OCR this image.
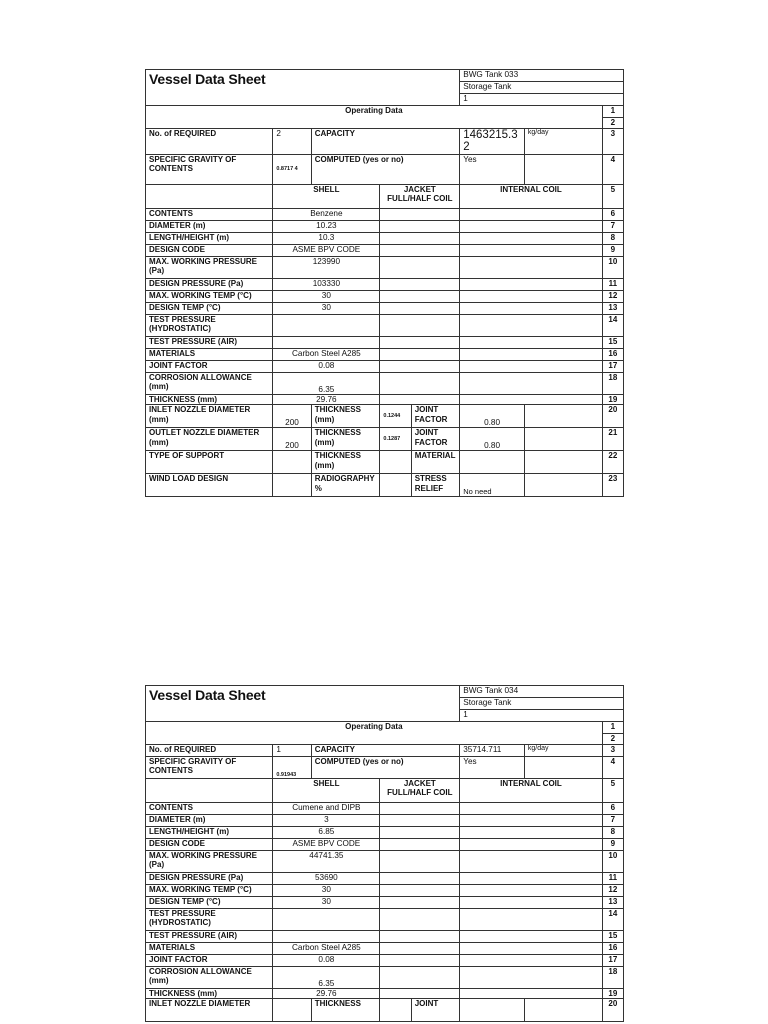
Vessel Data Sheet					BWG Tank 033		
					Storage Tank		
					1		
Operating Data							1
							2
No. of REQUIRED	2	CAPACITY			1463215.3 2	kg/day	3
SPECIFIC GRAVITY OF CONTENTS	0.8717 4	COMPUTED (yes or no)			Yes		4
	SHELL		JACKET FULL/HALF COIL		INTERNAL COIL		5
CONTENTS	Benzene						6
DIAMETER (m)	10.23						7
LENGTH/HEIGHT (m)	10.3						8
DESIGN CODE	ASME BPV CODE						9
MAX. WORKING PRESSURE (Pa)	123990						10
DESIGN PRESSURE (Pa)	103330						11
MAX. WORKING TEMP (°C)	30						12
DESIGN TEMP (°C)	30						13
TEST PRESSURE (HYDROSTATIC)							14
TEST PRESSURE (AIR)							15
MATERIALS	Carbon Steel A285						16
JOINT FACTOR	0.08						17
CORROSION ALLOWANCE (mm)	6.35						18
THICKNESS (mm)	29.76						19
INLET NOZZLE DIAMETER (mm)	200	THICKNESS (mm)	0.1244	JOINT FACTOR	0.80		20
OUTLET NOZZLE DIAMETER (mm)	200	THICKNESS (mm)	0.1287	JOINT FACTOR	0.80		21
TYPE OF SUPPORT		THICKNESS (mm)		MATERIAL			22
WIND LOAD DESIGN		RADIOGRAPHY %		STRESS RELIEF	No need		23
Vessel Data Sheet					BWG Tank 034		
					Storage Tank		
					1		
Operating Data							1
							2
No. of REQUIRED	1	CAPACITY			35714.711	kg/day	3
SPECIFIC GRAVITY OF CONTENTS	0.91943	COMPUTED (yes or no)			Yes		4
	SHELL		JACKET FULL/HALF COIL		INTERNAL COIL		5
CONTENTS	Cumene and DIPB						6
DIAMETER (m)	3						7
LENGTH/HEIGHT (m)	6.85						8
DESIGN CODE	ASME BPV CODE						9
MAX. WORKING PRESSURE (Pa)	44741.35						10
DESIGN PRESSURE (Pa)	53690						11
MAX. WORKING TEMP (°C)	30						12
DESIGN TEMP (°C)	30						13
TEST PRESSURE (HYDROSTATIC)							14
TEST PRESSURE (AIR)							15
MATERIALS	Carbon Steel A285						16
JOINT FACTOR	0.08						17
CORROSION ALLOWANCE (mm)	6.35						18
THICKNESS (mm)	29.76						19
INLET NOZZLE DIAMETER		THICKNESS		JOINT			20
